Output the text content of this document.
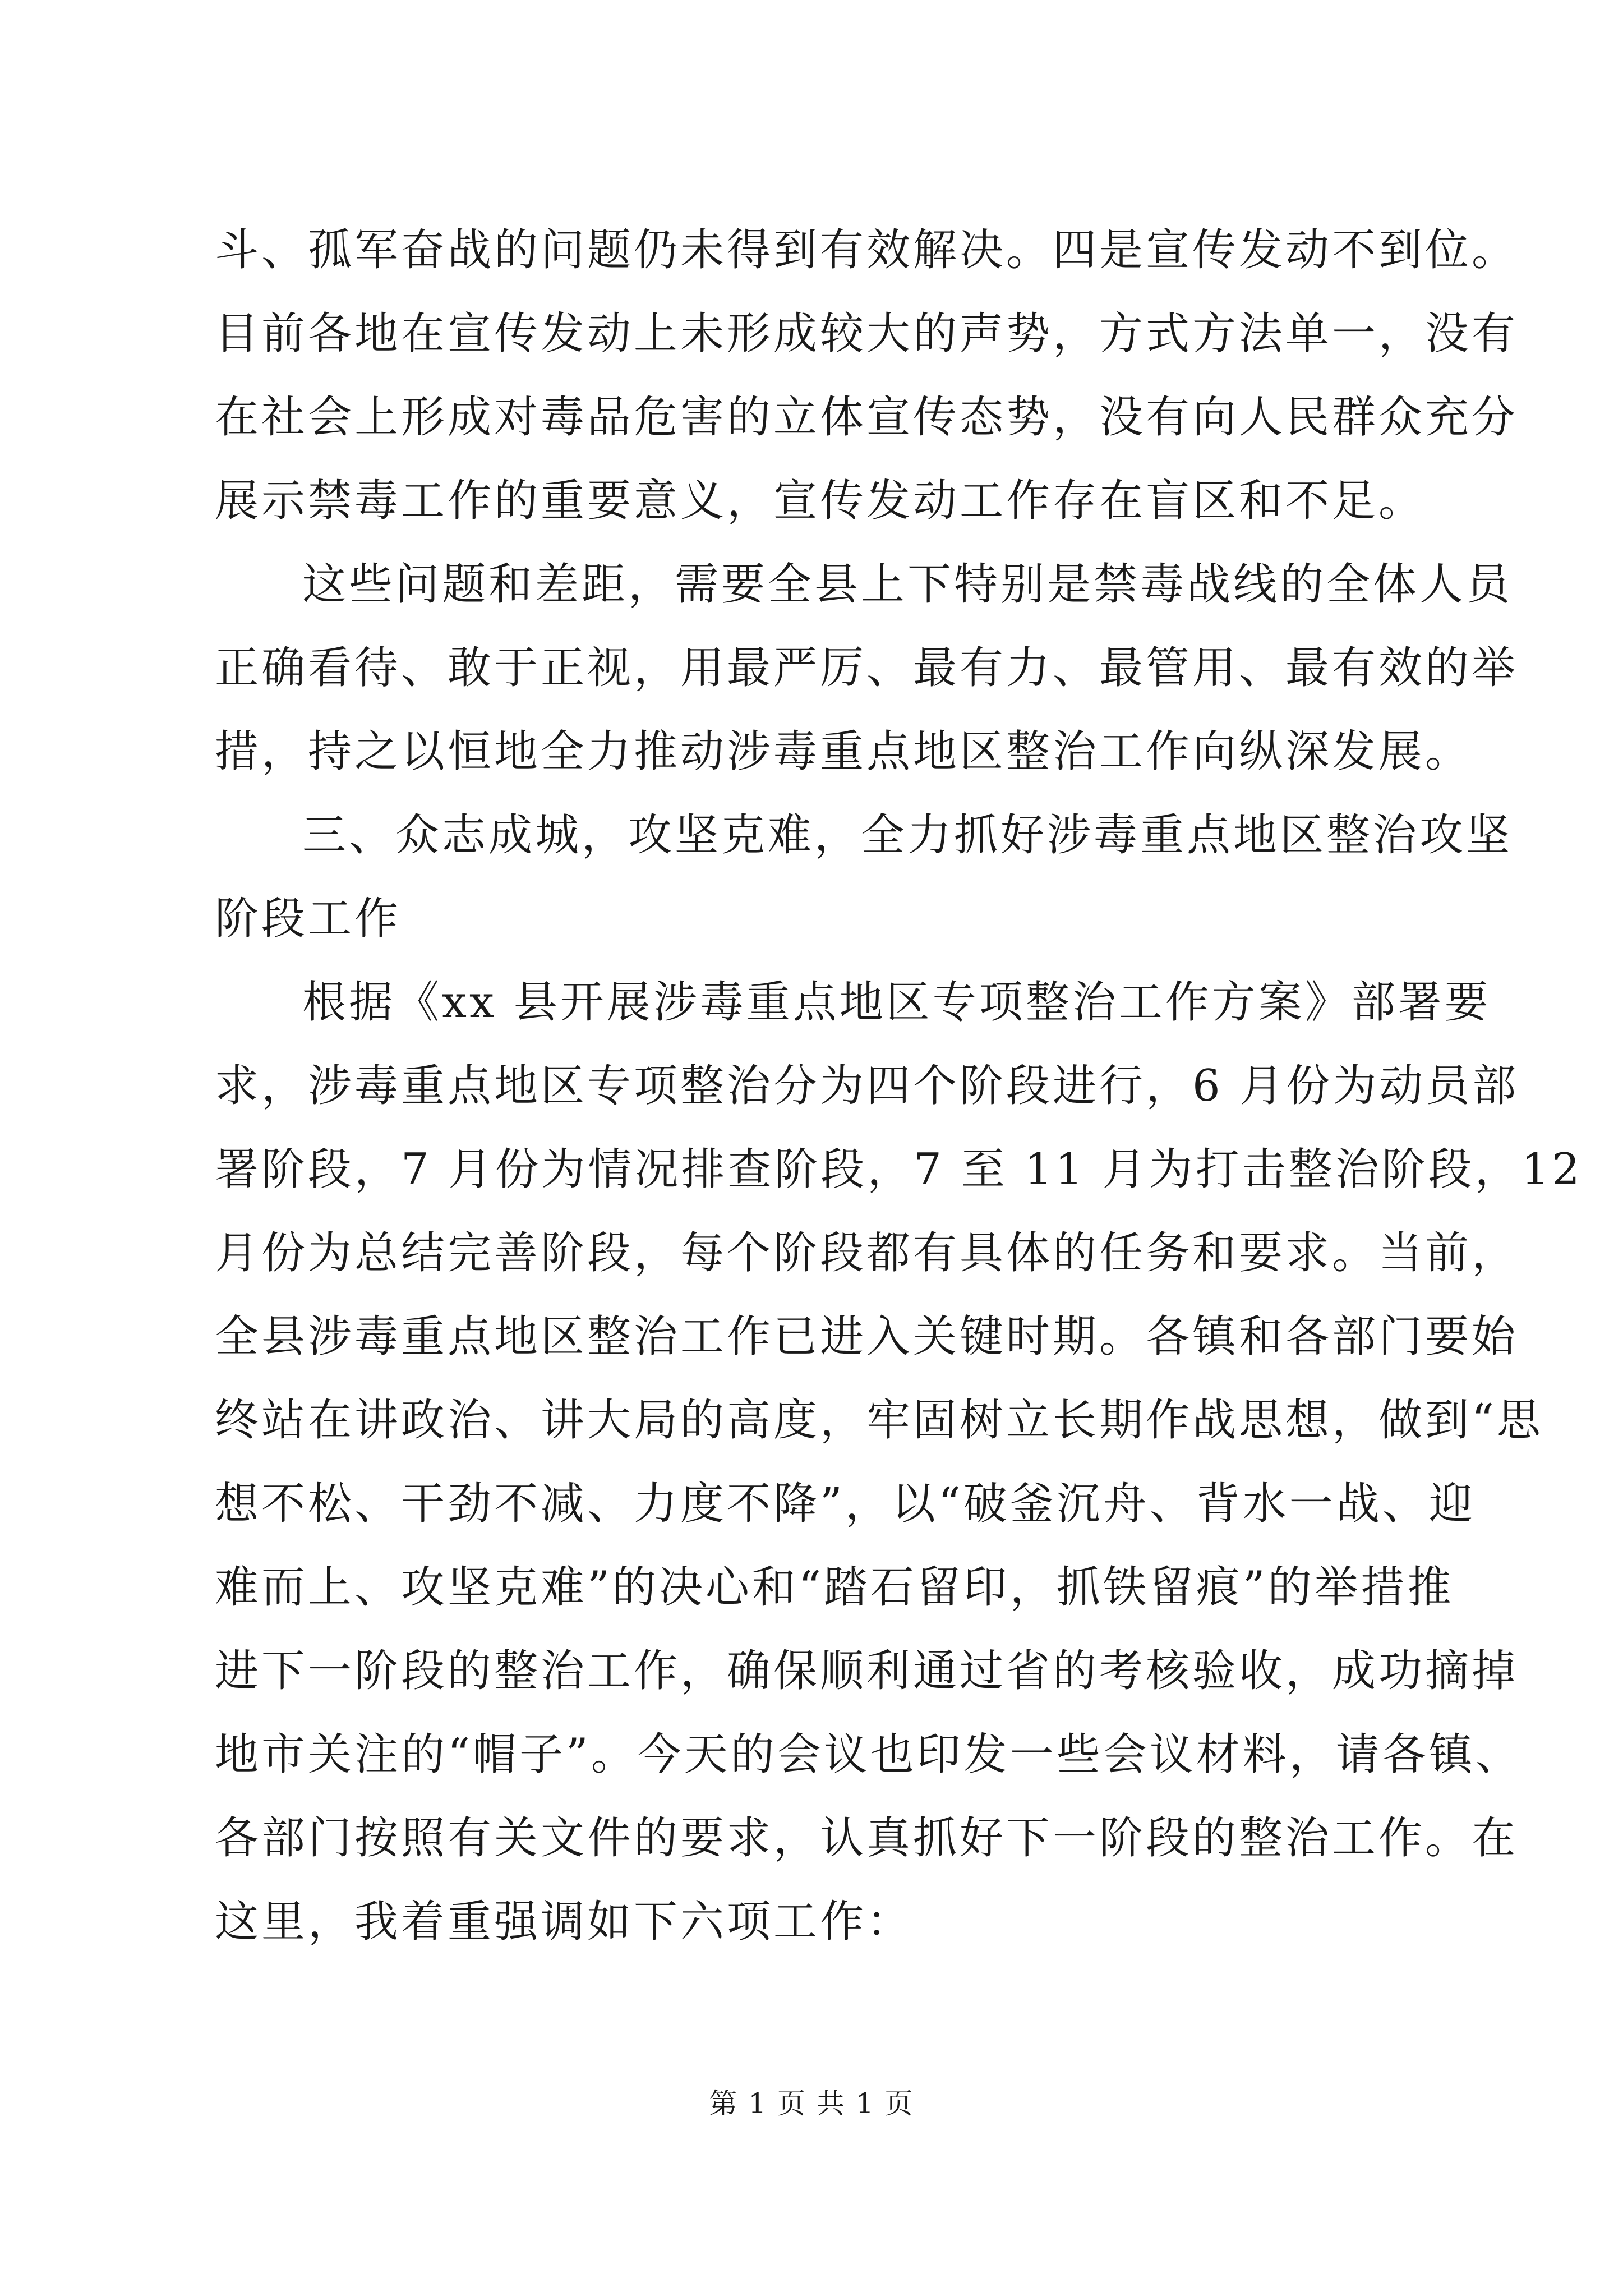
斗、孤军奋战的问题仍未得到有效解决。四是宣传发动不到位。
目前各地在宣传发动上未形成较大的声势，方式方法单一，没有
在社会上形成对毒品危害的立体宣传态势，没有向人民群众充分
展示禁毒工作的重要意义，宣传发动工作存在盲区和不足。
这些问题和差距，需要全县上下特别是禁毒战线的全体人员
正确看待、敢于正视，用最严厉、最有力、最管用、最有效的举
措，持之以恒地全力推动涉毒重点地区整治工作向纵深发展。
三、众志成城，攻坚克难，全力抓好涉毒重点地区整治攻坚
阶段工作
根据《xx 县开展涉毒重点地区专项整治工作方案》部署要
求，涉毒重点地区专项整治分为四个阶段进行，6 月份为动员部
署阶段，7 月份为情况排查阶段，7 至 11 月为打击整治阶段，12
月份为总结完善阶段，每个阶段都有具体的任务和要求。当前，
全县涉毒重点地区整治工作已进入关键时期。各镇和各部门要始
终站在讲政治、讲大局的高度，牢固树立长期作战思想，做到“思
想不松、干劲不减、力度不降”，以“破釜沉舟、背水一战、迎
难而上、攻坚克难”的决心和“踏石留印，抓铁留痕”的举措推
进下一阶段的整治工作，确保顺利通过省的考核验收，成功摘掉
地市关注的“帽子”。今天的会议也印发一些会议材料，请各镇、
各部门按照有关文件的要求，认真抓好下一阶段的整治工作。在
这里，我着重强调如下六项工作：
第 1 页 共 1 页
